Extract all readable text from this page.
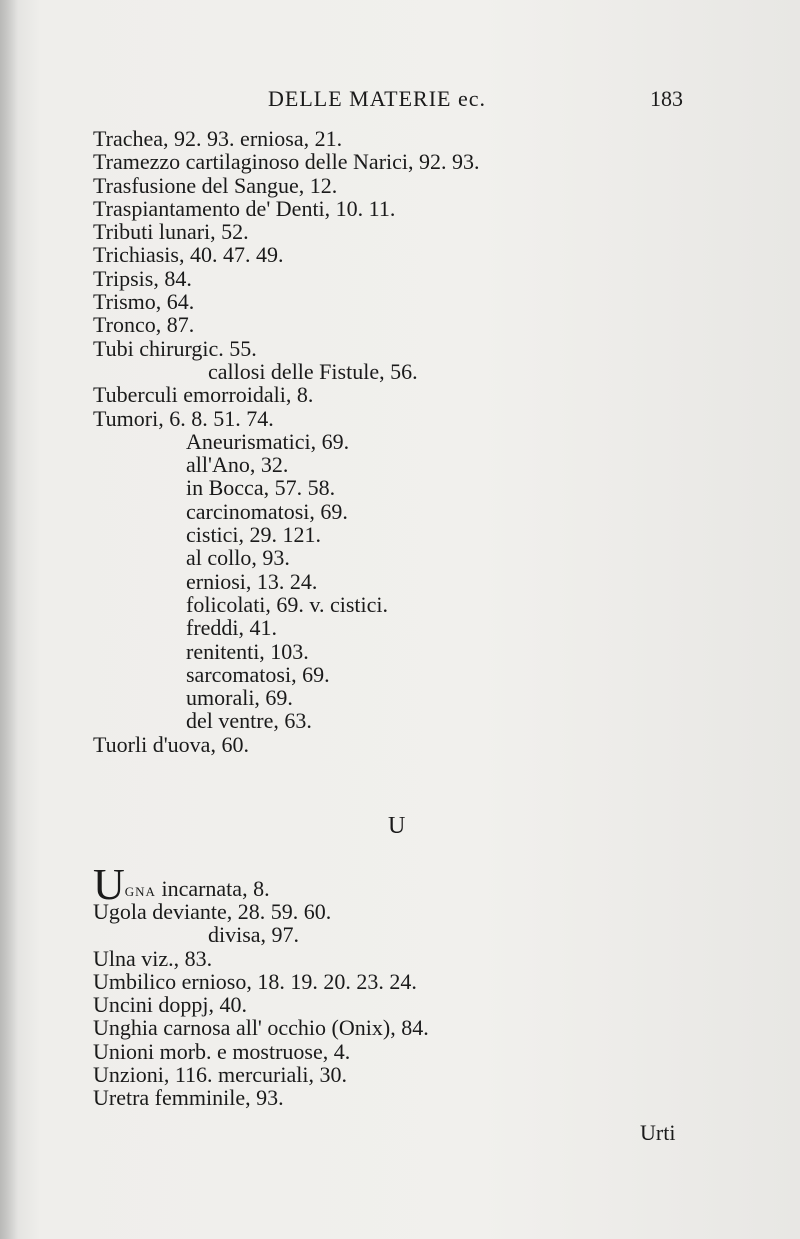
DELLE MATERIE ec.	183
Trachea, 92. 93. erniosa, 21.
Tramezzo cartilaginoso delle Narici, 92. 93.
Trasfusione del Sangue, 12.
Traspiantamento de' Denti, 10. 11.
Tributi lunari, 52.
Trichiasis, 40. 47. 49.
Tripsis, 84.
Trismo, 64.
Tronco, 87.
Tubi chirurgic. 55.
callosi delle Fistule, 56.
Tuberculi emorroidali, 8.
Tumori, 6. 8. 51. 74.
Aneurismatici, 69.
all'Ano, 32.
in Bocca, 57. 58.
carcinomatosi, 69.
cistici, 29. 121.
al collo, 93.
erniosi, 13. 24.
folicolati, 69. v. cistici.
freddi, 41.
renitenti, 103.
sarcomatosi, 69.
umorali, 69.
del ventre, 63.
Tuorli d'uova, 60.
U
Ugna incarnata, 8.
Ugola deviante, 28. 59. 60.
divisa, 97.
Ulna viz., 83.
Umbilico ernioso, 18. 19. 20. 23. 24.
Uncini doppj, 40.
Unghia carnosa all' occhio (Onix), 84.
Unioni morb. e mostruose, 4.
Unzioni, 116. mercuriali, 30.
Uretra femminile, 93.
Urti
